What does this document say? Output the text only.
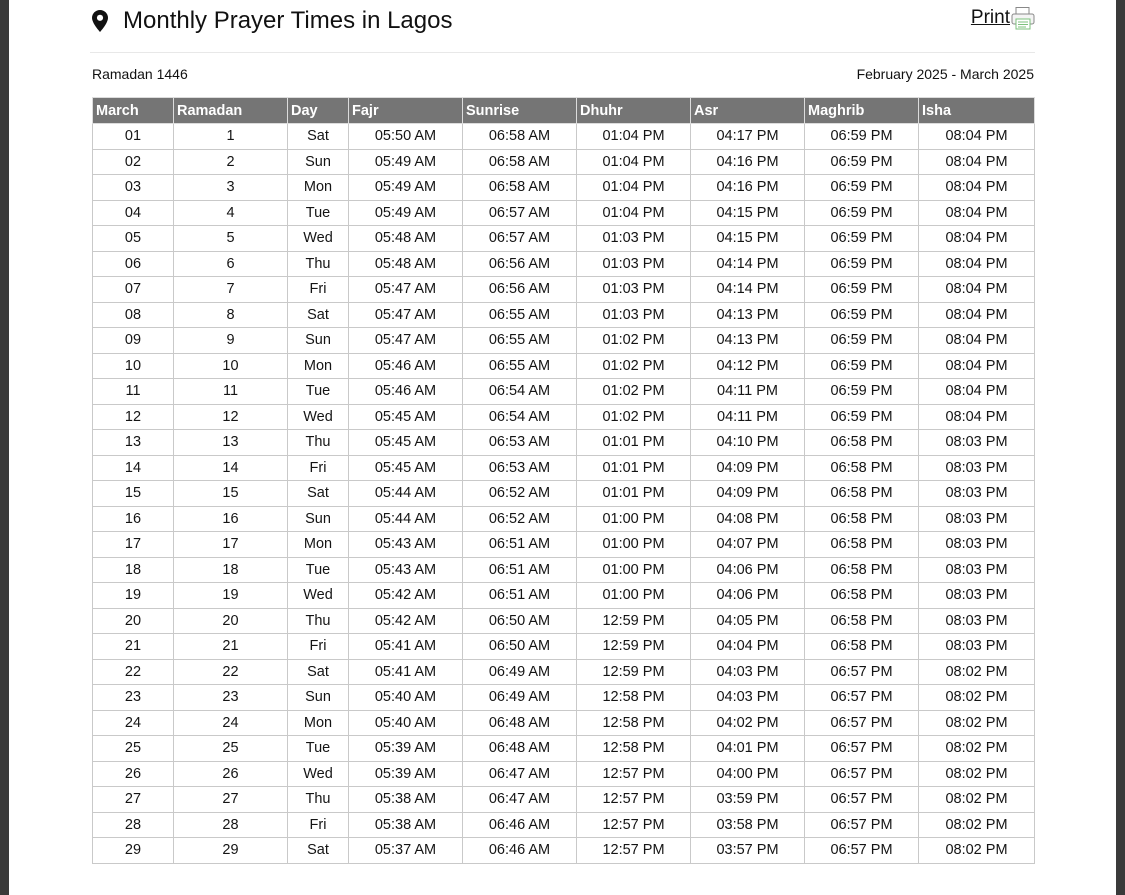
Monthly Prayer Times in Lagos	Print
Ramadan 1446	February 2025 - March 2025
March	Ramadan	Day	Fajr	Sunrise	Dhuhr	Asr	Maghrib	Isha
01	1	Sat	05:50 AM	06:58 AM	01:04 PM	04:17 PM	06:59 PM	08:04 PM
02	2	Sun	05:49 AM	06:58 AM	01:04 PM	04:16 PM	06:59 PM	08:04 PM
03	3	Mon	05:49 AM	06:58 AM	01:04 PM	04:16 PM	06:59 PM	08:04 PM
04	4	Tue	05:49 AM	06:57 AM	01:04 PM	04:15 PM	06:59 PM	08:04 PM
05	5	Wed	05:48 AM	06:57 AM	01:03 PM	04:15 PM	06:59 PM	08:04 PM
06	6	Thu	05:48 AM	06:56 AM	01:03 PM	04:14 PM	06:59 PM	08:04 PM
07	7	Fri	05:47 AM	06:56 AM	01:03 PM	04:14 PM	06:59 PM	08:04 PM
08	8	Sat	05:47 AM	06:55 AM	01:03 PM	04:13 PM	06:59 PM	08:04 PM
09	9	Sun	05:47 AM	06:55 AM	01:02 PM	04:13 PM	06:59 PM	08:04 PM
10	10	Mon	05:46 AM	06:55 AM	01:02 PM	04:12 PM	06:59 PM	08:04 PM
11	11	Tue	05:46 AM	06:54 AM	01:02 PM	04:11 PM	06:59 PM	08:04 PM
12	12	Wed	05:45 AM	06:54 AM	01:02 PM	04:11 PM	06:59 PM	08:04 PM
13	13	Thu	05:45 AM	06:53 AM	01:01 PM	04:10 PM	06:58 PM	08:03 PM
14	14	Fri	05:45 AM	06:53 AM	01:01 PM	04:09 PM	06:58 PM	08:03 PM
15	15	Sat	05:44 AM	06:52 AM	01:01 PM	04:09 PM	06:58 PM	08:03 PM
16	16	Sun	05:44 AM	06:52 AM	01:00 PM	04:08 PM	06:58 PM	08:03 PM
17	17	Mon	05:43 AM	06:51 AM	01:00 PM	04:07 PM	06:58 PM	08:03 PM
18	18	Tue	05:43 AM	06:51 AM	01:00 PM	04:06 PM	06:58 PM	08:03 PM
19	19	Wed	05:42 AM	06:51 AM	01:00 PM	04:06 PM	06:58 PM	08:03 PM
20	20	Thu	05:42 AM	06:50 AM	12:59 PM	04:05 PM	06:58 PM	08:03 PM
21	21	Fri	05:41 AM	06:50 AM	12:59 PM	04:04 PM	06:58 PM	08:03 PM
22	22	Sat	05:41 AM	06:49 AM	12:59 PM	04:03 PM	06:57 PM	08:02 PM
23	23	Sun	05:40 AM	06:49 AM	12:58 PM	04:03 PM	06:57 PM	08:02 PM
24	24	Mon	05:40 AM	06:48 AM	12:58 PM	04:02 PM	06:57 PM	08:02 PM
25	25	Tue	05:39 AM	06:48 AM	12:58 PM	04:01 PM	06:57 PM	08:02 PM
26	26	Wed	05:39 AM	06:47 AM	12:57 PM	04:00 PM	06:57 PM	08:02 PM
27	27	Thu	05:38 AM	06:47 AM	12:57 PM	03:59 PM	06:57 PM	08:02 PM
28	28	Fri	05:38 AM	06:46 AM	12:57 PM	03:58 PM	06:57 PM	08:02 PM
29	29	Sat	05:37 AM	06:46 AM	12:57 PM	03:57 PM	06:57 PM	08:02 PM
